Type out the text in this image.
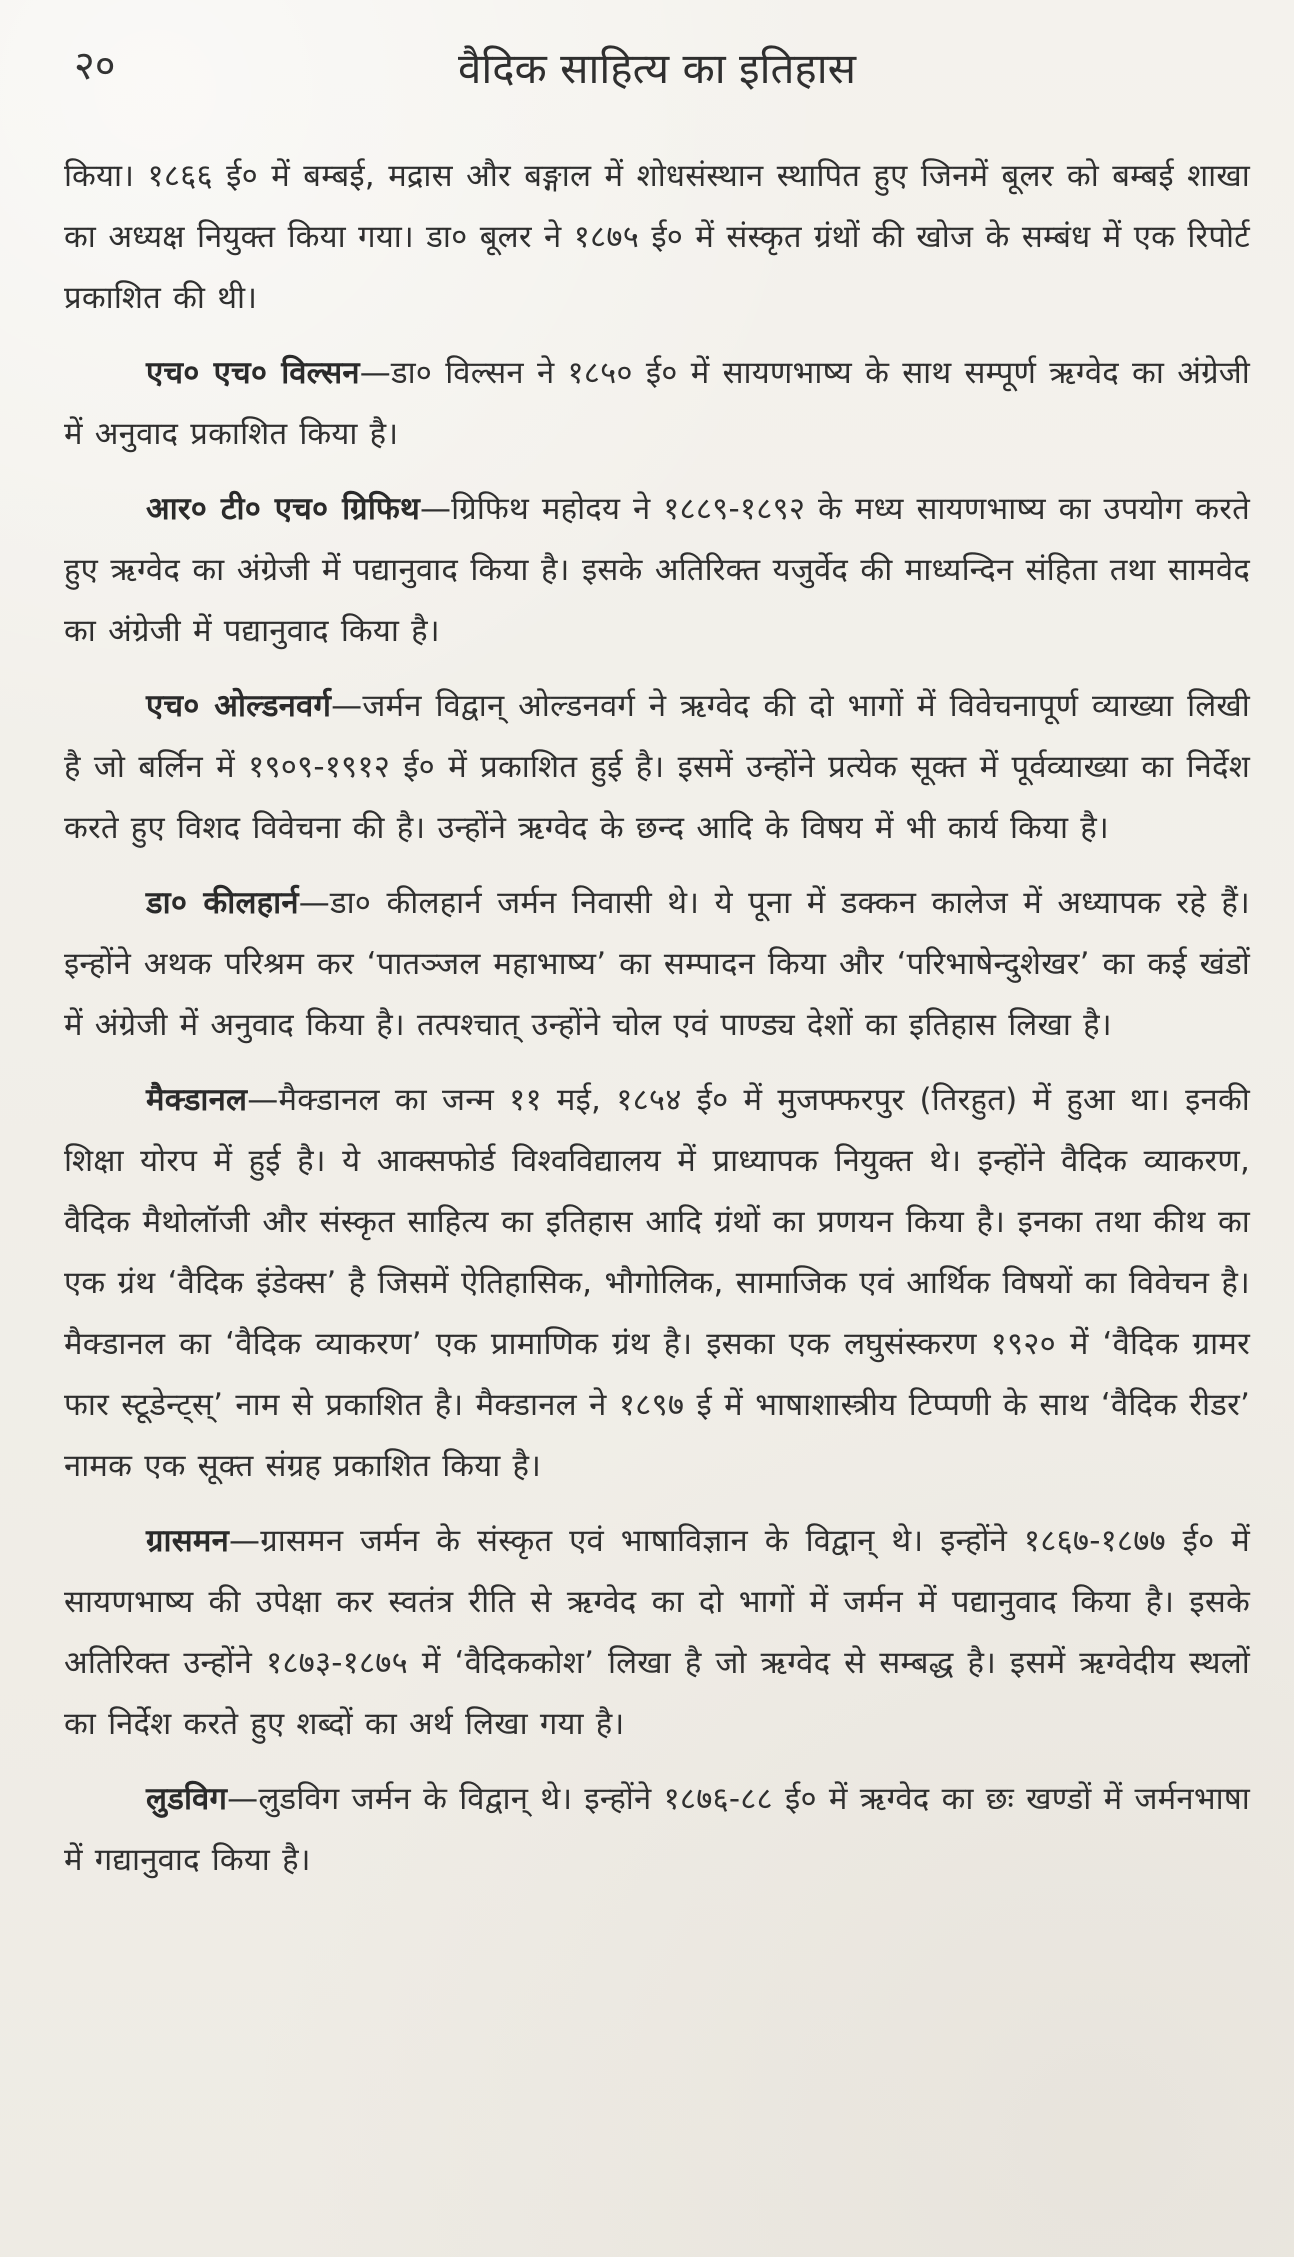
२०	वैदिक साहित्य का इतिहास

किया। १८६६ ई० में बम्बई, मद्रास और बङ्गाल में शोधसंस्थान स्थापित हुए जिनमें बूलर को बम्बई शाखा का अध्यक्ष नियुक्त किया गया। डा० बूलर ने १८७५ ई० में संस्कृत ग्रंथों की खोज के सम्बंध में एक रिपोर्ट प्रकाशित की थी।

एच० एच० विल्सन—डा० विल्सन ने १८५० ई० में सायणभाष्य के साथ सम्पूर्ण ऋग्वेद का अंग्रेजी में अनुवाद प्रकाशित किया है।

आर० टी० एच० ग्रिफिथ—ग्रिफिथ महोदय ने १८८९-१८९२ के मध्य सायणभाष्य का उपयोग करते हुए ऋग्वेद का अंग्रेजी में पद्यानुवाद किया है। इसके अतिरिक्त यजुर्वेद की माध्यन्दिन संहिता तथा सामवेद का अंग्रेजी में पद्यानुवाद किया है।

एच० ओल्डनवर्ग—जर्मन विद्वान् ओल्डनवर्ग ने ऋग्वेद की दो भागों में विवेचनापूर्ण व्याख्या लिखी है जो बर्लिन में १९०९-१९१२ ई० में प्रकाशित हुई है। इसमें उन्होंने प्रत्येक सूक्त में पूर्वव्याख्या का निर्देश करते हुए विशद विवेचना की है। उन्होंने ऋग्वेद के छन्द आदि के विषय में भी कार्य किया है।

डा० कीलहार्न—डा० कीलहार्न जर्मन निवासी थे। ये पूना में डक्कन कालेज में अध्यापक रहे हैं। इन्होंने अथक परिश्रम कर ‘पातञ्जल महाभाष्य’ का सम्पादन किया और ‘परिभाषेन्दुशेखर’ का कई खंडों में अंग्रेजी में अनुवाद किया है। तत्पश्चात् उन्होंने चोल एवं पाण्ड्य देशों का इतिहास लिखा है।

मैक्डानल—मैक्डानल का जन्म ११ मई, १८५४ ई० में मुजफ्फरपुर (तिरहुत) में हुआ था। इनकी शिक्षा योरप में हुई है। ये आक्सफोर्ड विश्वविद्यालय में प्राध्यापक नियुक्त थे। इन्होंने वैदिक व्याकरण, वैदिक मैथोलॉजी और संस्कृत साहित्य का इतिहास आदि ग्रंथों का प्रणयन किया है। इनका तथा कीथ का एक ग्रंथ ‘वैदिक इंडेक्स’ है जिसमें ऐतिहासिक, भौगोलिक, सामाजिक एवं आर्थिक विषयों का विवेचन है। मैक्डानल का ‘वैदिक व्याकरण’ एक प्रामाणिक ग्रंथ है। इसका एक लघुसंस्करण १९२० में ‘वैदिक ग्रामर फार स्टूडेन्ट्स्’ नाम से प्रकाशित है। मैक्डानल ने १८९७ ई में भाषाशास्त्रीय टिप्पणी के साथ ‘वैदिक रीडर’ नामक एक सूक्त संग्रह प्रकाशित किया है।

ग्रासमन—ग्रासमन जर्मन के संस्कृत एवं भाषाविज्ञान के विद्वान् थे। इन्होंने १८६७-१८७७ ई० में सायणभाष्य की उपेक्षा कर स्वतंत्र रीति से ऋग्वेद का दो भागों में जर्मन में पद्यानुवाद किया है। इसके अतिरिक्त उन्होंने १८७३-१८७५ में ‘वैदिककोश’ लिखा है जो ऋग्वेद से सम्बद्ध है। इसमें ऋग्वेदीय स्थलों का निर्देश करते हुए शब्दों का अर्थ लिखा गया है।

लुडविग—लुडविग जर्मन के विद्वान् थे। इन्होंने १८७६-८८ ई० में ऋग्वेद का छः खण्डों में जर्मनभाषा में गद्यानुवाद किया है।
